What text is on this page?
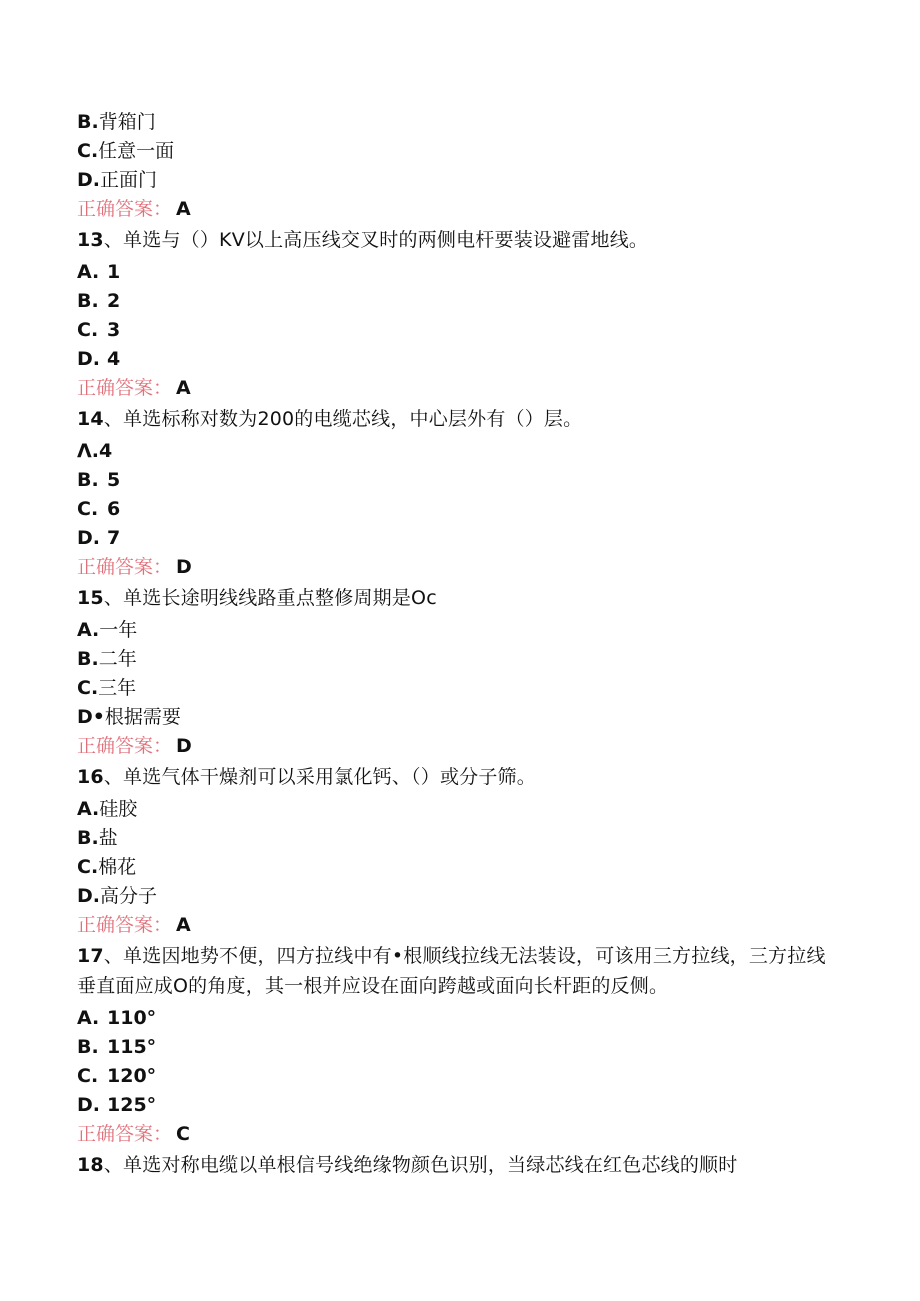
B.背箱门
C.任意一面
D.正面门
正确答案： A
13、单选与（）KV以上高压线交叉时的两侧电杆要装设避雷地线。
A. 1
B. 2
C. 3
D. 4
正确答案： A
14、单选标称对数为200的电缆芯线，中心层外有（）层。
Λ.4
B. 5
C. 6
D. 7
正确答案： D
15、单选长途明线线路重点整修周期是Oc
A.一年
B.二年
C.三年
D•根据需要
正确答案： D
16、单选气体干燥剂可以采用氯化钙、（）或分子筛。
A.硅胶
B.盐
C.棉花
D.高分子
正确答案： A
17、单选因地势不便，四方拉线中有•根顺线拉线无法装设，可该用三方拉线，三方拉线垂直面应成O的角度，其一根并应设在面向跨越或面向长杆距的反侧。
A. 110°
B. 115°
C. 120°
D. 125°
正确答案： C
18、单选对称电缆以单根信号线绝缘物颜色识别，当绿芯线在红色芯线的顺时
